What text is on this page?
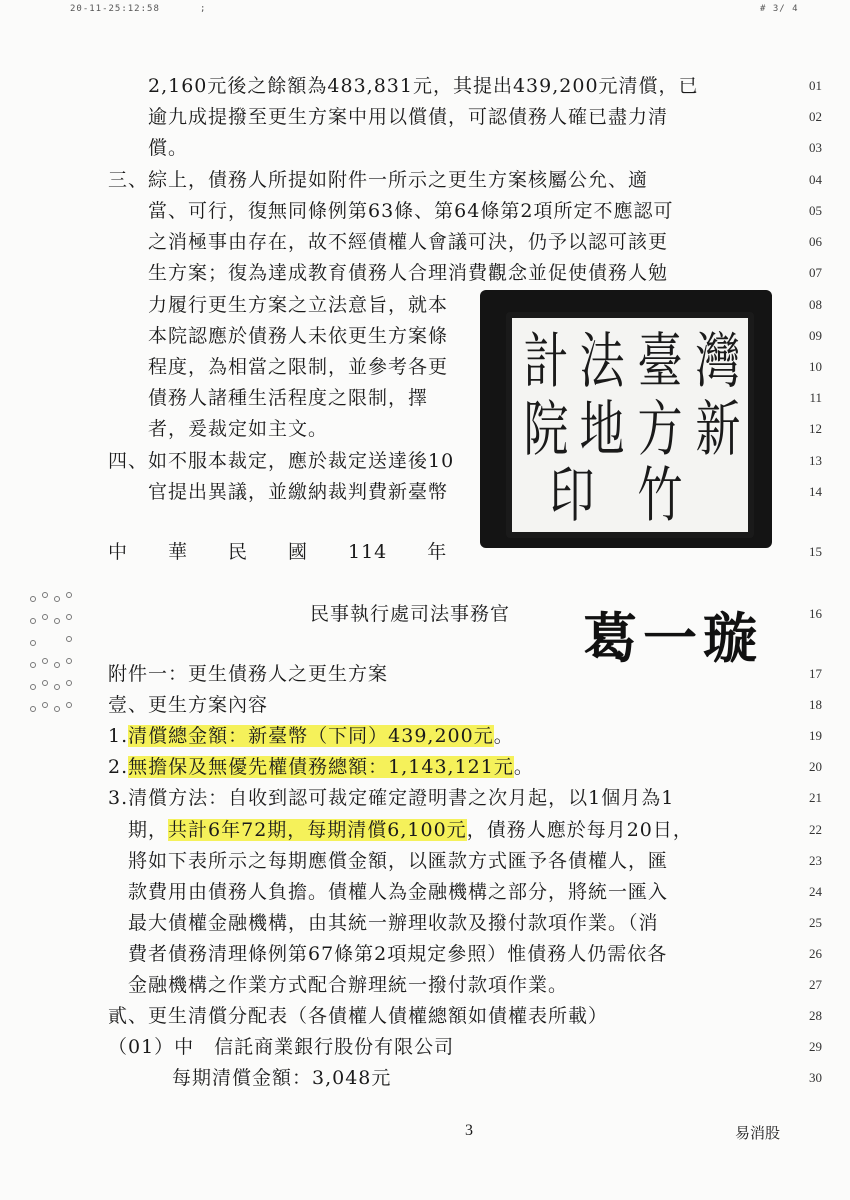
20-11-25:12:58	;	# 3/ 4
2,160元後之餘額為483,831元，其提出439,200元清償，已	01
逾九成提撥至更生方案中用以償債，可認債務人確已盡力清	02
償。	03
三、綜上，債務人所提如附件一所示之更生方案核屬公允、適	04
當、可行，復無同條例第63條、第64條第2項所定不應認可	05
之消極事由存在，故不經債權人會議可決，仍予以認可該更	06
生方案；復為達成教育債務人合理消費觀念並促使債務人勉	07
力履行更生方案之立法意旨，就本	08
本院認應於債務人未依更生方案條	09
程度，為相當之限制，並參考各更	10
債務人諸種生活程度之限制，擇	11
者，爰裁定如主文。	12
四、如不服本裁定，應於裁定送達後10	13
官提出異議，並繳納裁判費新臺幣	14
中　　華　　民　　國　　114　　年	15
民事執行處司法事務官	16
附件一：更生債務人之更生方案	17
壹、更生方案內容	18
1.清償總金額：新臺幣（下同）439,200元。	19
2.無擔保及無優先權債務總額：1,143,121元。	20
3.清償方法：自收到認可裁定確定證明書之次月起，以1個月為1	21
期，共計6年72期，每期清償6,100元，債務人應於每月20日，	22
將如下表所示之每期應償金額，以匯款方式匯予各債權人，匯	23
款費用由債務人負擔。債權人為金融機構之部分，將統一匯入	24
最大債權金融機構，由其統一辦理收款及撥付款項作業。（消	25
費者債務清理條例第67條第2項規定參照）惟債務人仍需依各	26
金融機構之作業方式配合辦理統一撥付款項作業。	27
貳、更生清償分配表（各債權人債權總額如債權表所載）	28
（01）中　信託商業銀行股份有限公司	29
每期清償金額：3,048元	30
計 法 臺 灣
院 地 方 新
印 竹
葛一璇
3	易消股
